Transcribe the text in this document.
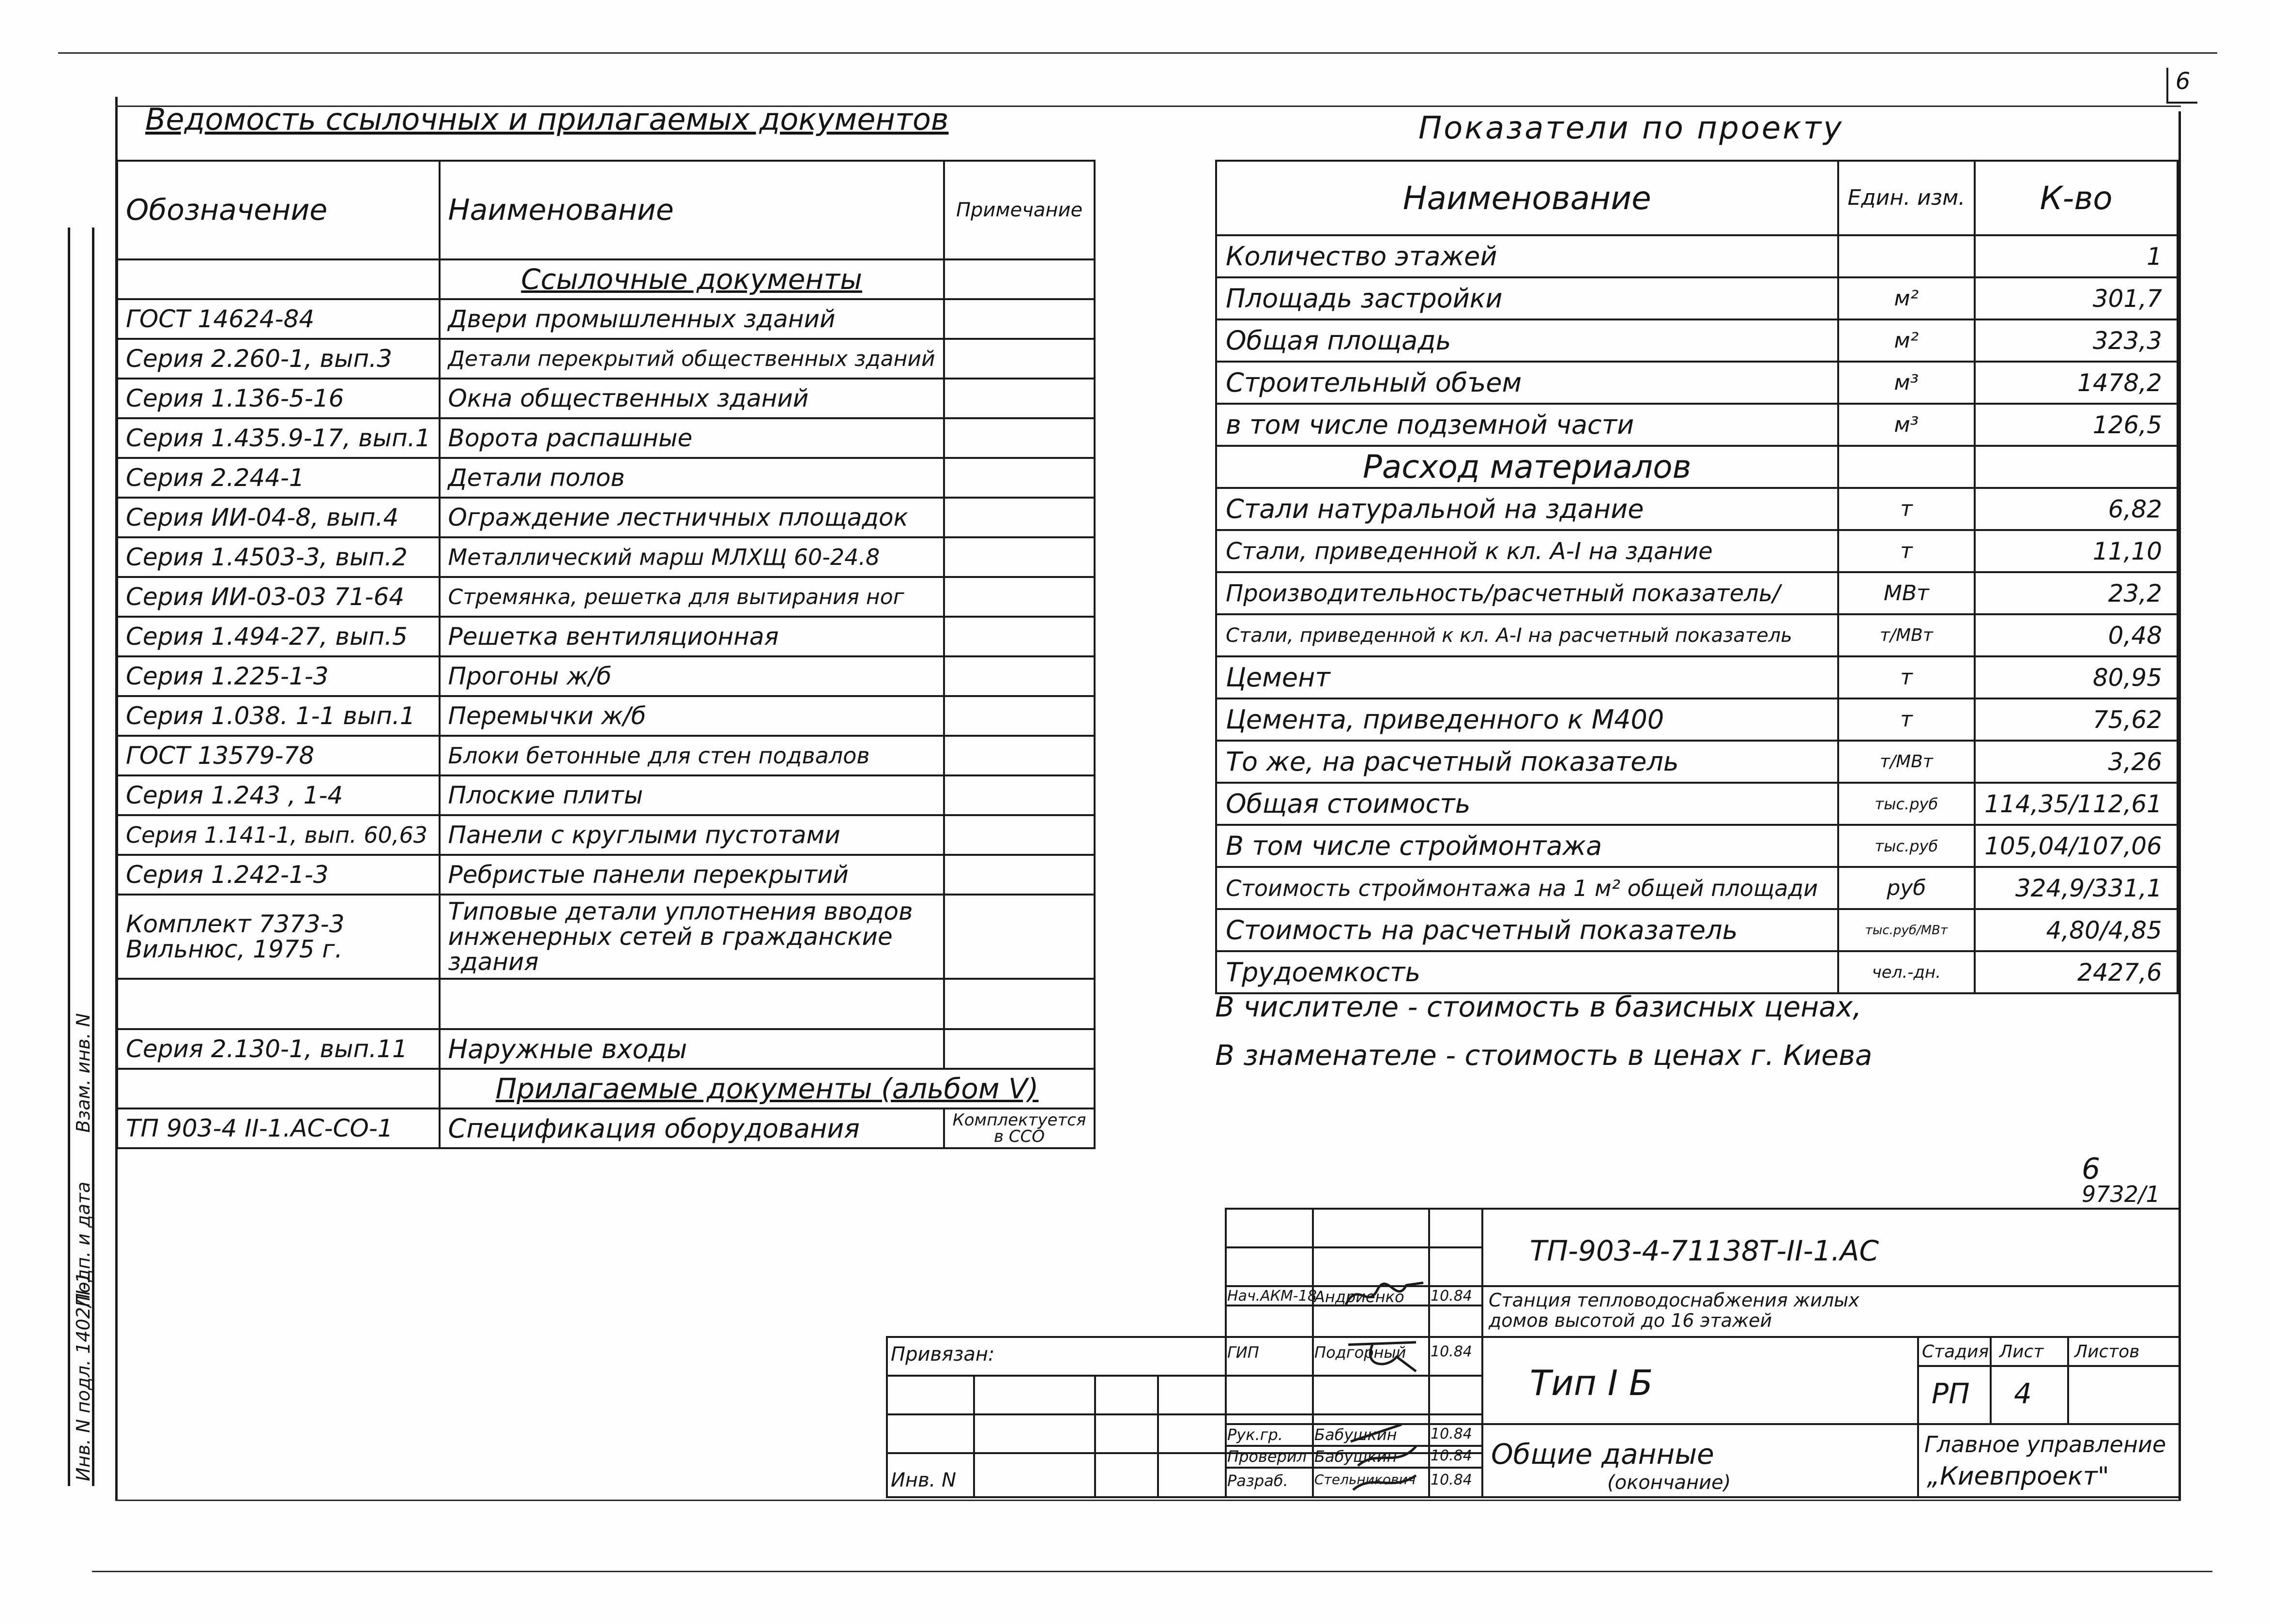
6
Взам. инв. N
Подп. и дата
Инв. N подл. 1402/II-1
Ведомость ссылочных и прилагаемых документов
Обозначение	Наименование	Примечание
	Ссылочные документы	
ГОСТ 14624-84	Двери промышленных зданий	
Серия 2.260-1, вып.3	Детали перекрытий общественных зданий	
Серия 1.136-5-16	Окна общественных зданий	
Серия 1.435.9-17, вып.1	Ворота распашные	
Серия 2.244-1	Детали полов	
Серия ИИ-04-8, вып.4	Ограждение лестничных площадок	
Серия 1.4503-3, вып.2	Металлический марш МЛХЩ 60-24.8	
Серия ИИ-03-03 71-64	Стремянка, решетка для вытирания ног	
Серия 1.494-27, вып.5	Решетка вентиляционная	
Серия 1.225-1-3	Прогоны ж/б	
Серия 1.038. 1-1 вып.1	Перемычки ж/б	
ГОСТ 13579-78	Блоки бетонные для стен подвалов	
Серия 1.243 , 1-4	Плоские плиты	
Серия 1.141-1, вып. 60,63	Панели с круглыми пустотами	
Серия 1.242-1-3	Ребристые панели перекрытий	
Комплект 7373-3
Вильнюс, 1975 г.	Типовые детали уплотнения вводов инженерных сетей в гражданские здания	

Серия 2.130-1, вып.11	Наружные входы	
	Прилагаемые документы (альбом V)	
ТП 903-4 II-1.АС-СО-1	Спецификация оборудования	Комплектуется в ССО
Показатели по проекту
Наименование	Един. изм.	К-во
Количество этажей		1
Площадь застройки	м²	301,7
Общая площадь	м²	323,3
Строительный объем	м³	1478,2
в том числе подземной части	м³	126,5
Расход материалов		
Стали натуральной на здание	т	6,82
Стали, приведенной к кл. А-I на здание	т	11,10
Производительность/расчетный показатель/	МВт	23,2
Стали, приведенной к кл. А-I на расчетный показатель	т/МВт	0,48
Цемент	т	80,95
Цемента, приведенного к М400	т	75,62
То же, на расчетный показатель	т/МВт	3,26
Общая стоимость	тыс.руб	114,35/112,61
В том числе строймонтажа	тыс.руб	105,04/107,06
Стоимость строймонтажа на 1 м² общей площади	руб	324,9/331,1
Стоимость на расчетный показатель	тыс.руб/МВт	4,80/4,85
Трудоемкость	чел.-дн.	2427,6
В числителе - стоимость в базисных ценах,
В знаменателе - стоимость в ценах г. Киева
6
9732/1
ТП-903-4-71138Т-II-1.АС
Станция тепловодоснабжения жилых домов высотой до 16 этажей
Тип I Б
Общие данные
(окончание)
Стадия Лист Листов
РП 4
Главное управление
„Киевпроект"
Привязан:
Инв. N
Нач.АКМ-18
Андриенко 10.84
ГИП	Подгорный 10.84
Рук.гр. Бабушкин 10.84
Проверил Бабушкин 10.84
Разраб. Стельникович 10.84
